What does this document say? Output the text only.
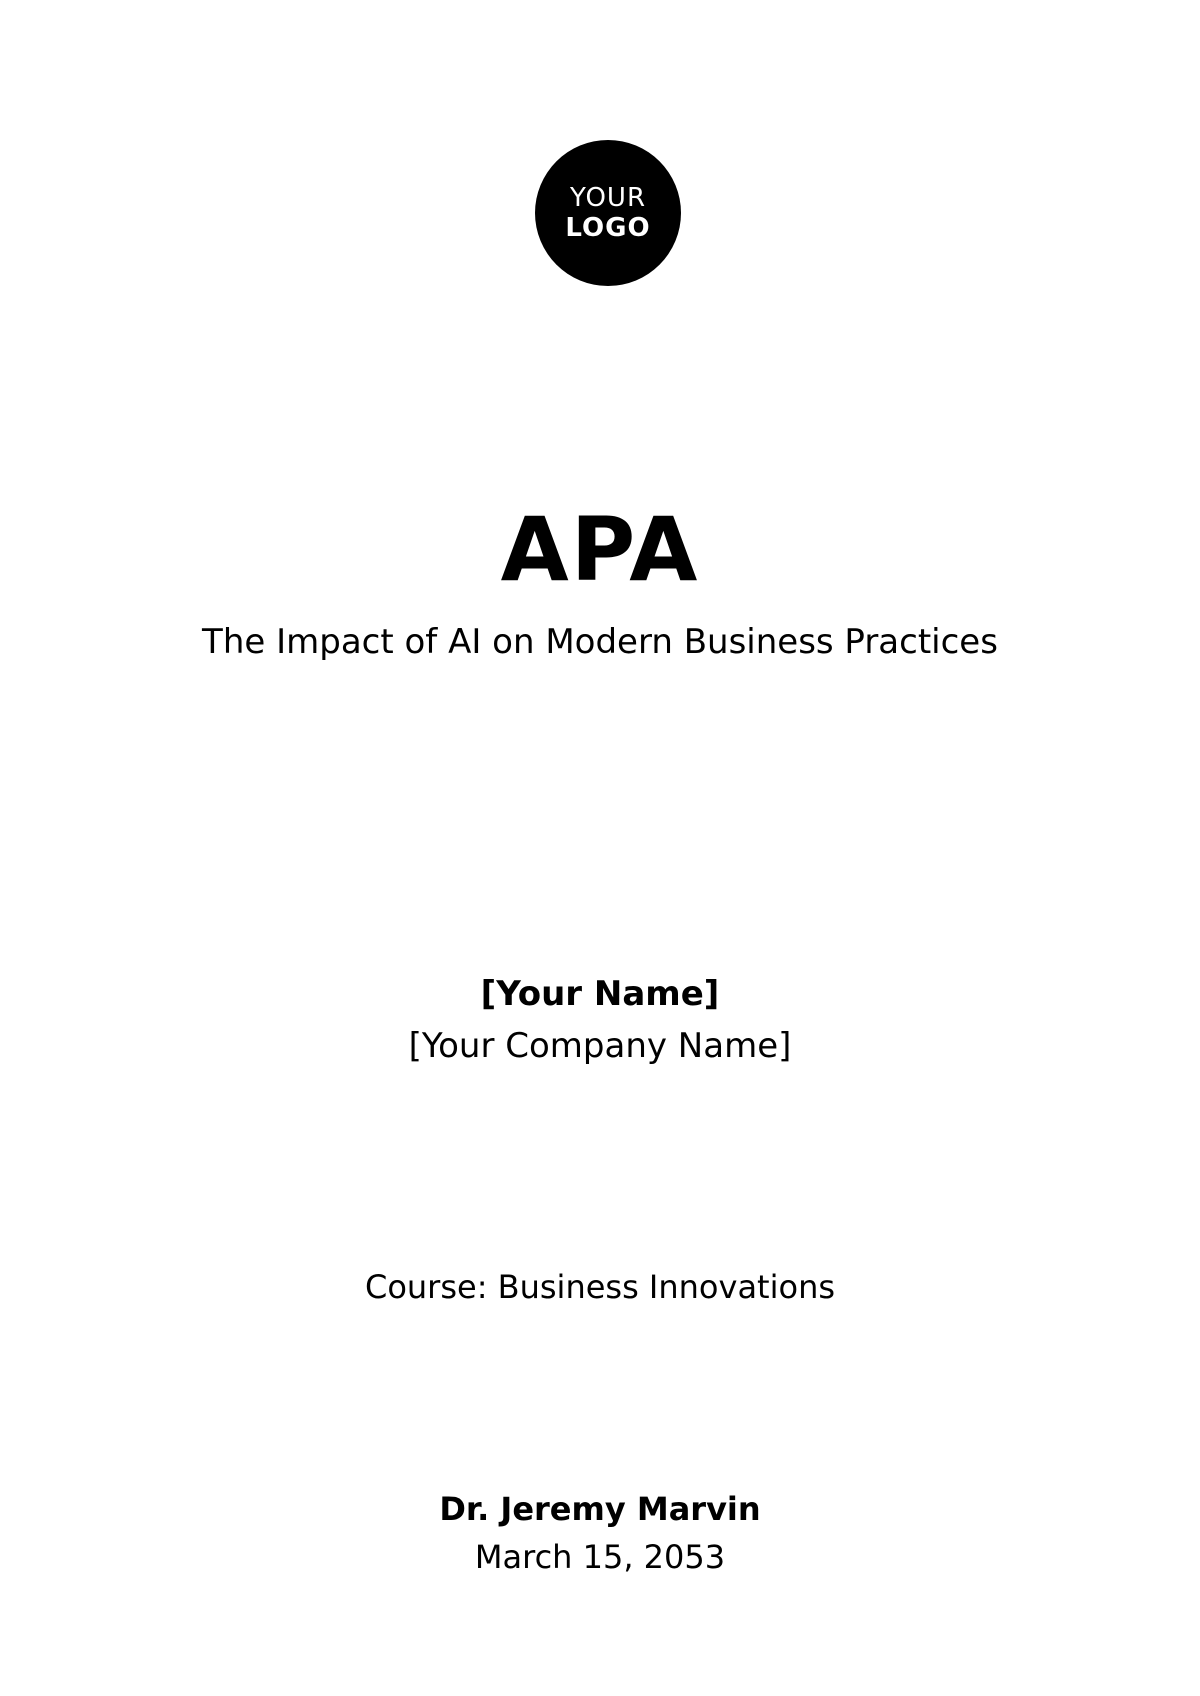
YOUR
LOGO
APA
The Impact of AI on Modern Business Practices
[Your Name]
[Your Company Name]
Course: Business Innovations
Dr. Jeremy Marvin
March 15, 2053
